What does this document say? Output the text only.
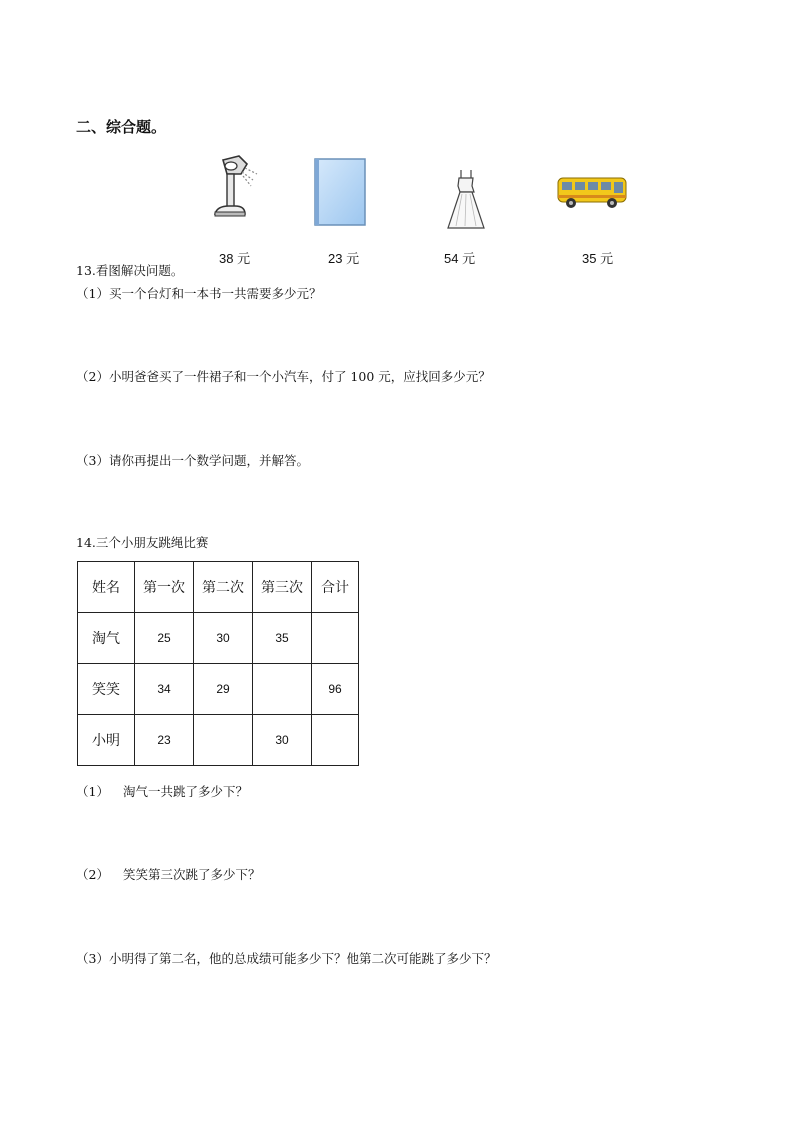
二、综合题。
38 元	23 元	54 元	35 元
13.看图解决问题。
（1）买一个台灯和一本书一共需要多少元？
（2）小明爸爸买了一件裙子和一个小汽车，付了 100 元，应找回多少元？
（3）请你再提出一个数学问题，并解答。
14.三个小朋友跳绳比赛
姓名	第一次	第二次	第三次	合计
淘气	25	30	35	
笑笑	34	29		96
小明	23		30	
（1） 淘气一共跳了多少下？
（2） 笑笑第三次跳了多少下？
（3）小明得了第二名，他的总成绩可能多少下？他第二次可能跳了多少下？
